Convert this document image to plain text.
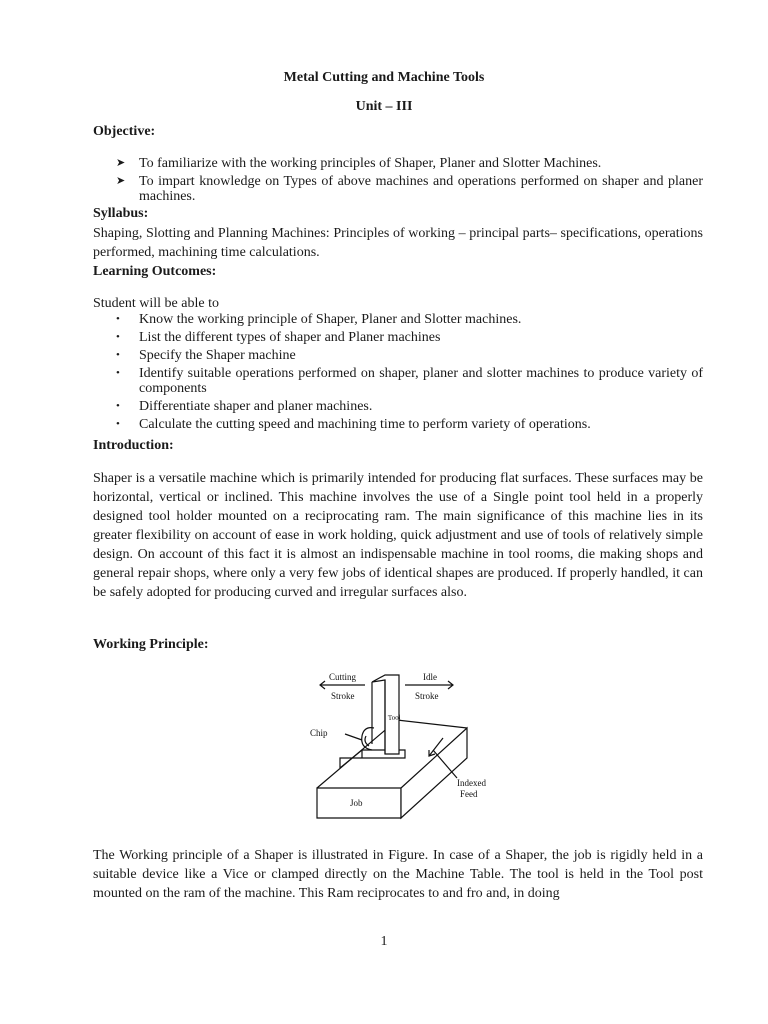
Metal Cutting and Machine Tools
Unit – III
Objective:
➤ To familiarize with the working principles of Shaper, Planer and Slotter Machines.
➤ To impart knowledge on Types of above machines and operations performed on shaper and planer machines.
Syllabus:

Shaping, Slotting and Planning Machines: Principles of working – principal parts– specifications, operations performed, machining time calculations.

Learning Outcomes:
Student will be able to
• Know the working principle of Shaper, Planer and Slotter machines.
• List the different types of shaper and Planer machines
• Specify the Shaper machine
• Identify suitable operations performed on shaper, planer and slotter machines to produce variety of components
• Differentiate shaper and planer machines.
• Calculate the cutting speed and machining time to perform variety of operations.
Introduction:

Shaper is a versatile machine which is primarily intended for producing flat surfaces. These surfaces may be horizontal, vertical or inclined. This machine involves the use of a Single point tool held in a properly designed tool holder mounted on a reciprocating ram. The main significance of this machine lies in its greater flexibility on account of ease in work holding, quick adjustment and use of tools of relatively simple design. On account of this fact it is almost an indispensable machine in tool rooms, die making shops and general repair shops, where only a very few jobs of identical shapes are produced. If properly handled, it can be safely adopted for producing curved and irregular surfaces also.

Working Principle:
Cutting
Stroke
Idle
Stroke
Tool
Chip
Indexed
Feed
Job

The Working principle of a Shaper is illustrated in Figure. In case of a Shaper, the job is rigidly held in a suitable device like a Vice or clamped directly on the Machine Table. The tool is held in the Tool post mounted on the ram of the machine. This Ram reciprocates to and fro and, in doing

1
